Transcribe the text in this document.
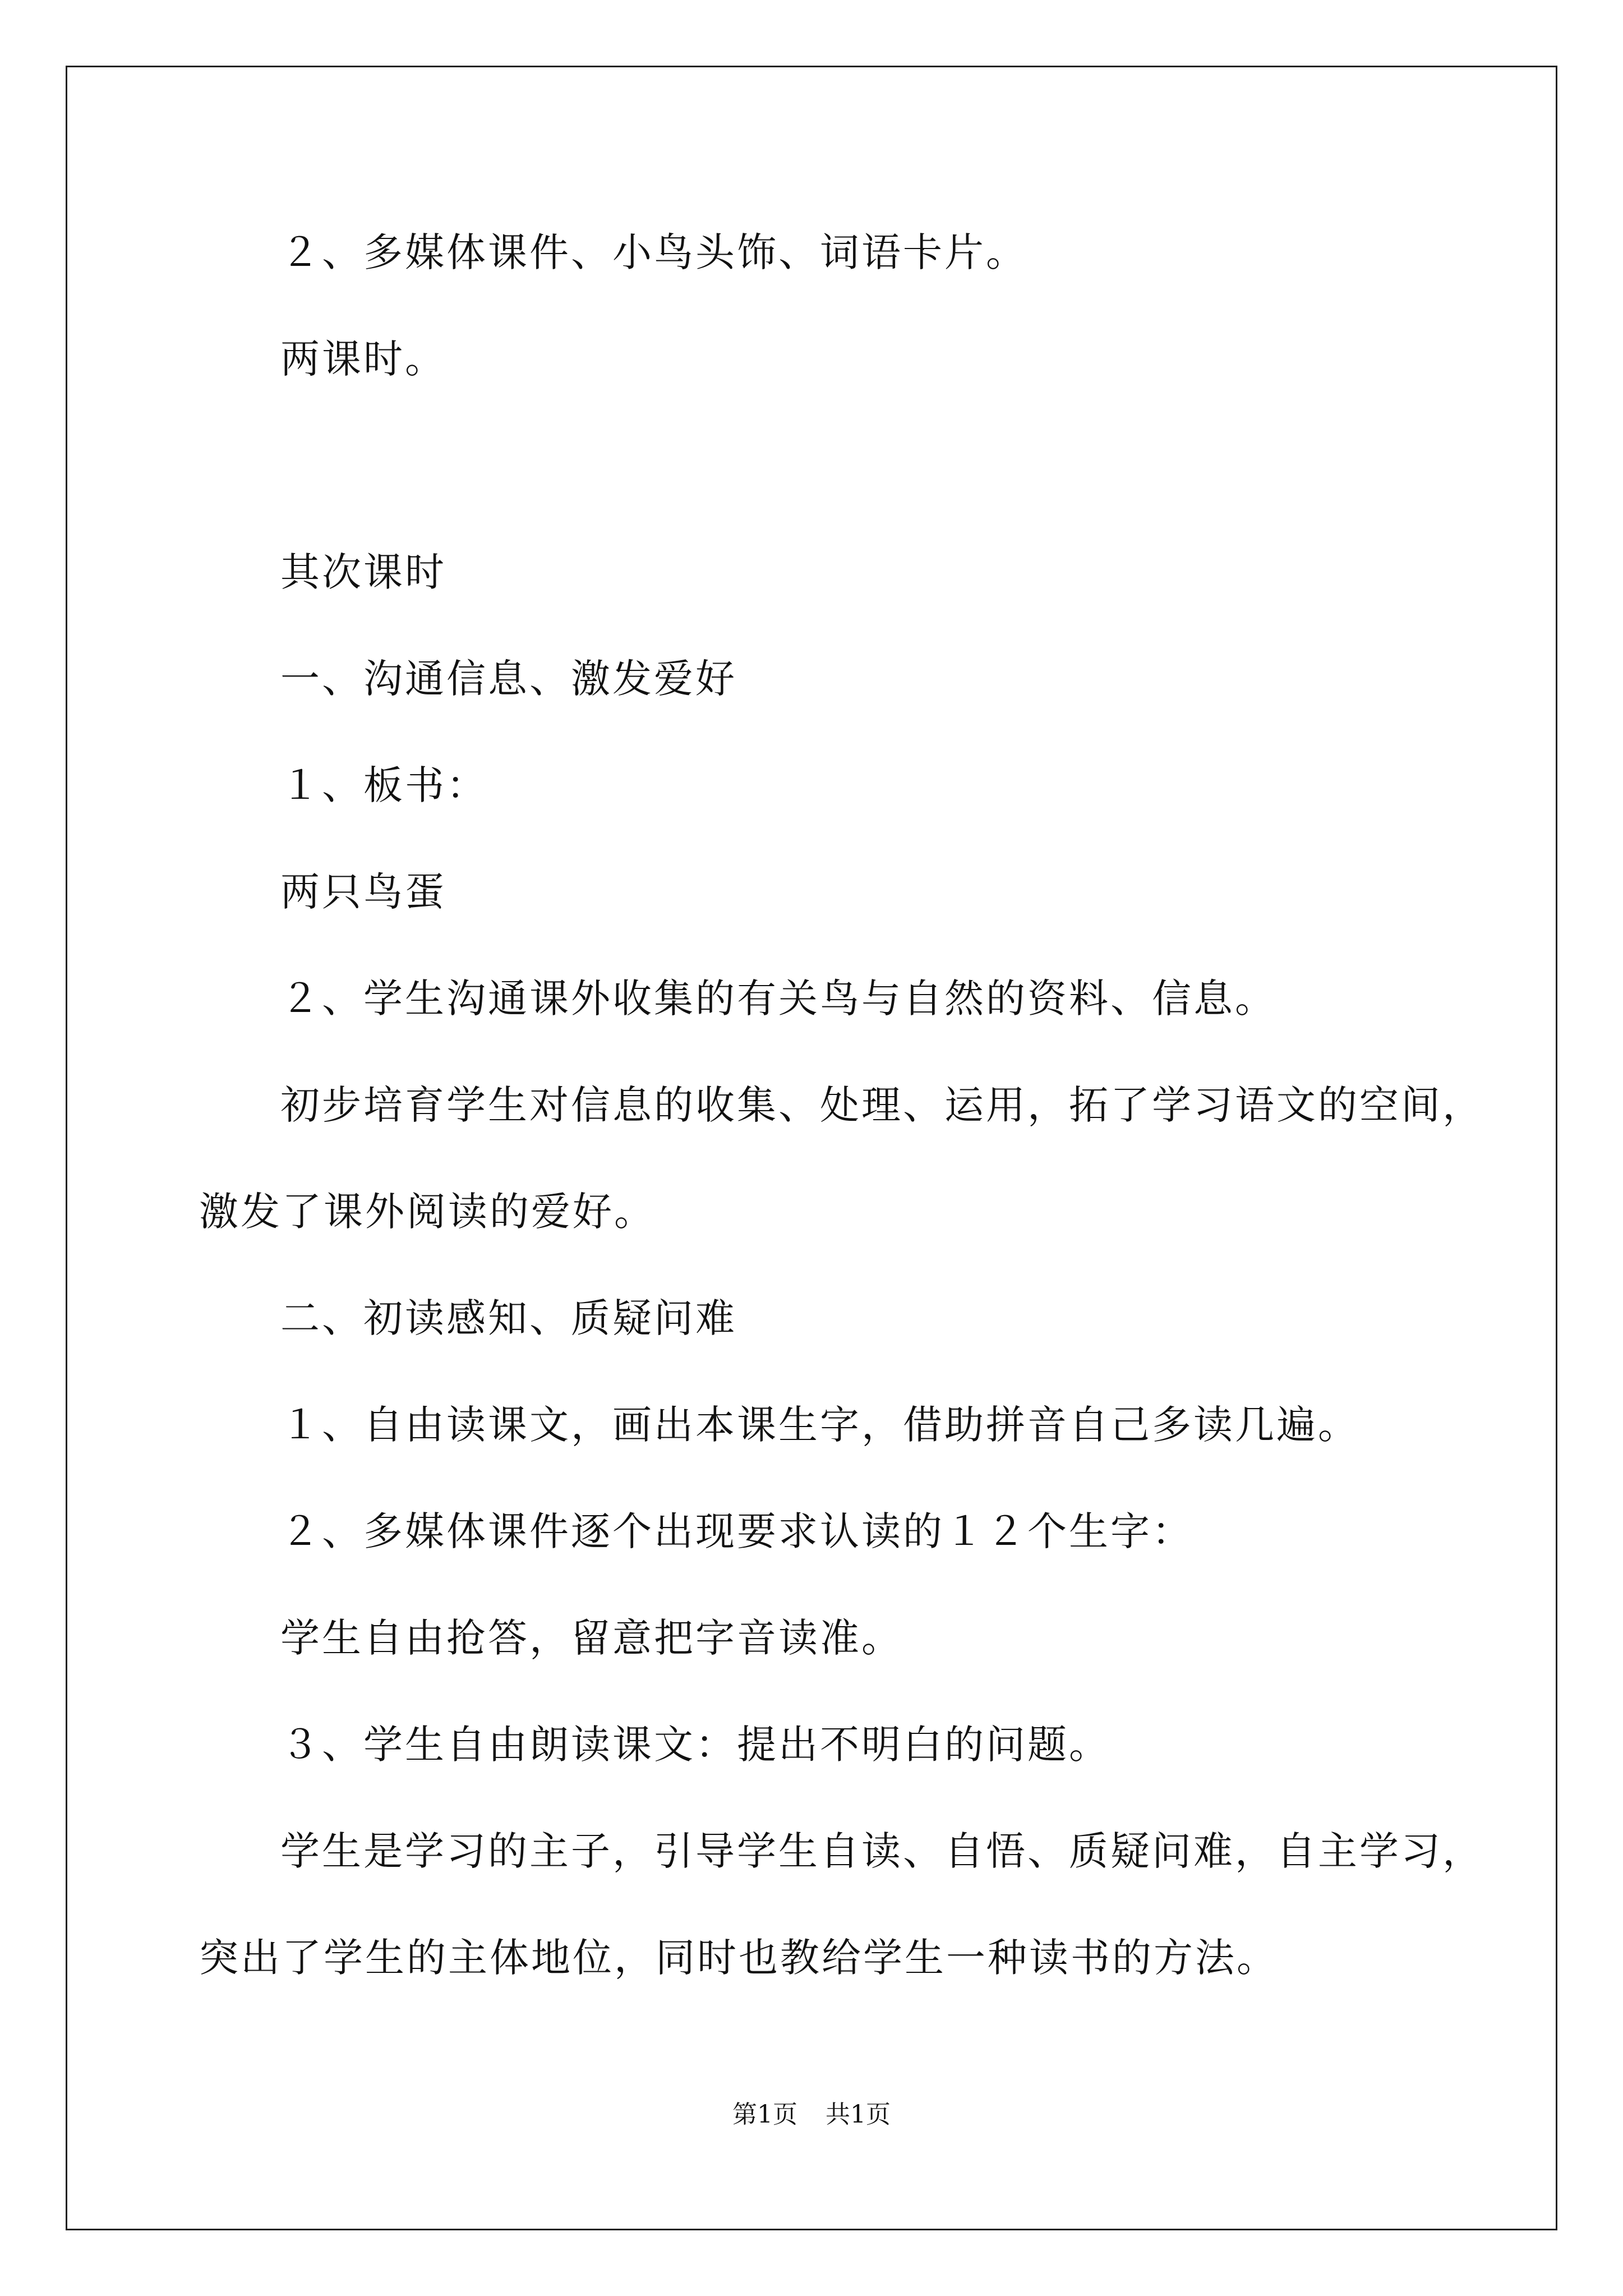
２、多媒体课件、小鸟头饰、词语卡片。
两课时。
其次课时
一、沟通信息、激发爱好
１、板书：
两只鸟蛋
２、学生沟通课外收集的有关鸟与自然的资料、信息。
初步培育学生对信息的收集、处理、运用，拓了学习语文的空间，
激发了课外阅读的爱好。
二、初读感知、质疑问难
１、自由读课文，画出本课生字，借助拼音自己多读几遍。
２、多媒体课件逐个出现要求认读的１２个生字：
学生自由抢答，留意把字音读准。
３、学生自由朗读课文：提出不明白的问题。
学生是学习的主子，引导学生自读、自悟、质疑问难，自主学习，
突出了学生的主体地位，同时也教给学生一种读书的方法。
第1页 共1页
